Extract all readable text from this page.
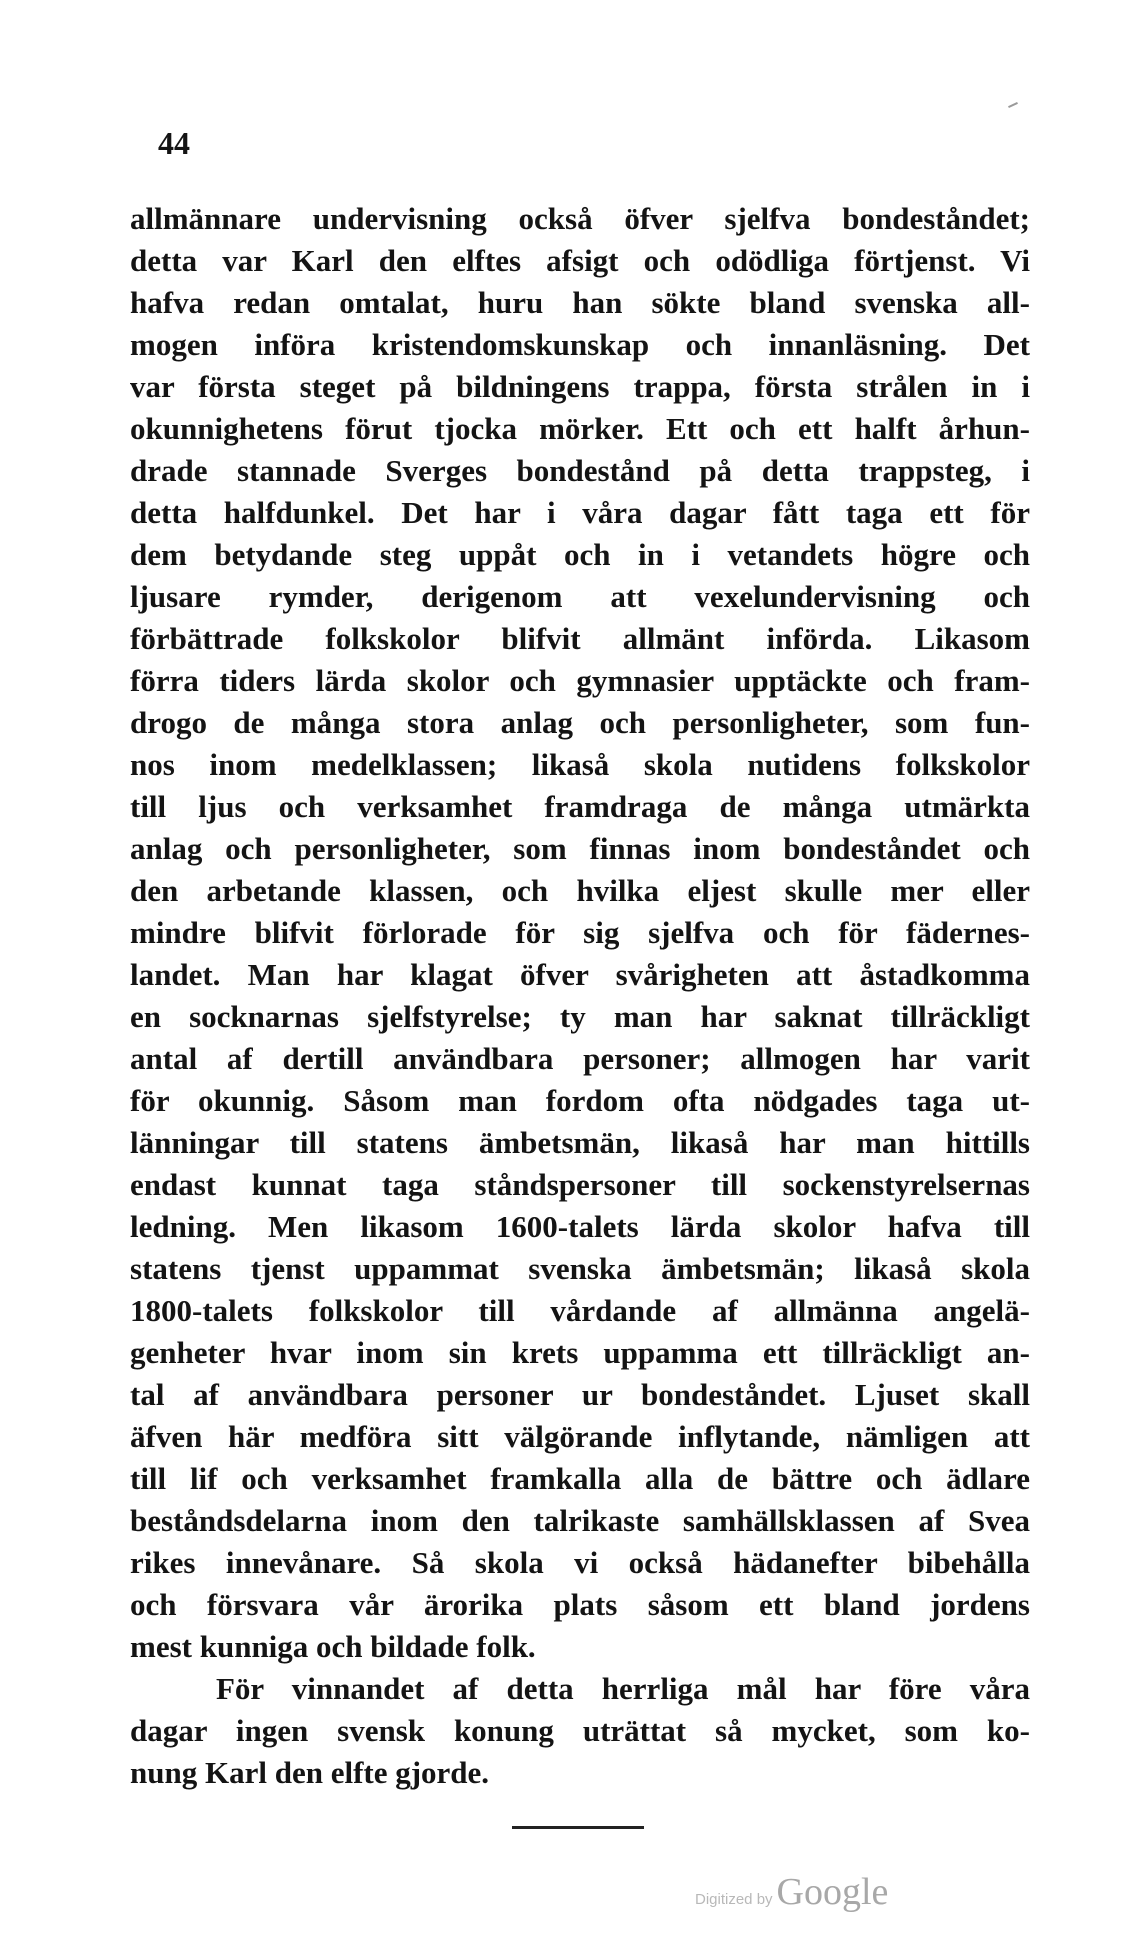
44
allmännare undervisning också öfver sjelfva bondeståndet;
detta var Karl den elftes afsigt och odödliga förtjenst. Vi
hafva redan omtalat, huru han sökte bland svenska all-
mogen införa kristendomskunskap och innanläsning. Det
var första steget på bildningens trappa, första strålen in i
okunnighetens förut tjocka mörker. Ett och ett halft århun-
drade stannade Sverges bondestånd på detta trappsteg, i
detta halfdunkel. Det har i våra dagar fått taga ett för
dem betydande steg uppåt och in i vetandets högre och
ljusare rymder, derigenom att vexelundervisning och
förbättrade folkskolor blifvit allmänt införda. Likasom
förra tiders lärda skolor och gymnasier upptäckte och fram-
drogo de många stora anlag och personligheter, som fun-
nos inom medelklassen; likaså skola nutidens folkskolor
till ljus och verksamhet framdraga de många utmärkta
anlag och personligheter, som finnas inom bondeståndet och
den arbetande klassen, och hvilka eljest skulle mer eller
mindre blifvit förlorade för sig sjelfva och för fädernes-
landet. Man har klagat öfver svårigheten att åstadkomma
en socknarnas sjelfstyrelse; ty man har saknat tillräckligt
antal af dertill användbara personer; allmogen har varit
för okunnig. Såsom man fordom ofta nödgades taga ut-
länningar till statens ämbetsmän, likaså har man hittills
endast kunnat taga ståndspersoner till sockenstyrelsernas
ledning. Men likasom 1600-talets lärda skolor hafva till
statens tjenst uppammat svenska ämbetsmän; likaså skola
1800-talets folkskolor till vårdande af allmänna angelä-
genheter hvar inom sin krets uppamma ett tillräckligt an-
tal af användbara personer ur bondeståndet. Ljuset skall
äfven här medföra sitt välgörande inflytande, nämligen att
till lif och verksamhet framkalla alla de bättre och ädlare
beståndsdelarna inom den talrikaste samhällsklassen af Svea
rikes innevånare. Så skola vi också hädanefter bibehålla
och försvara vår ärorika plats såsom ett bland jordens
mest kunniga och bildade folk.
För vinnandet af detta herrliga mål har före våra
dagar ingen svensk konung uträttat så mycket, som ko-
nung Karl den elfte gjorde.
Digitized by Google
